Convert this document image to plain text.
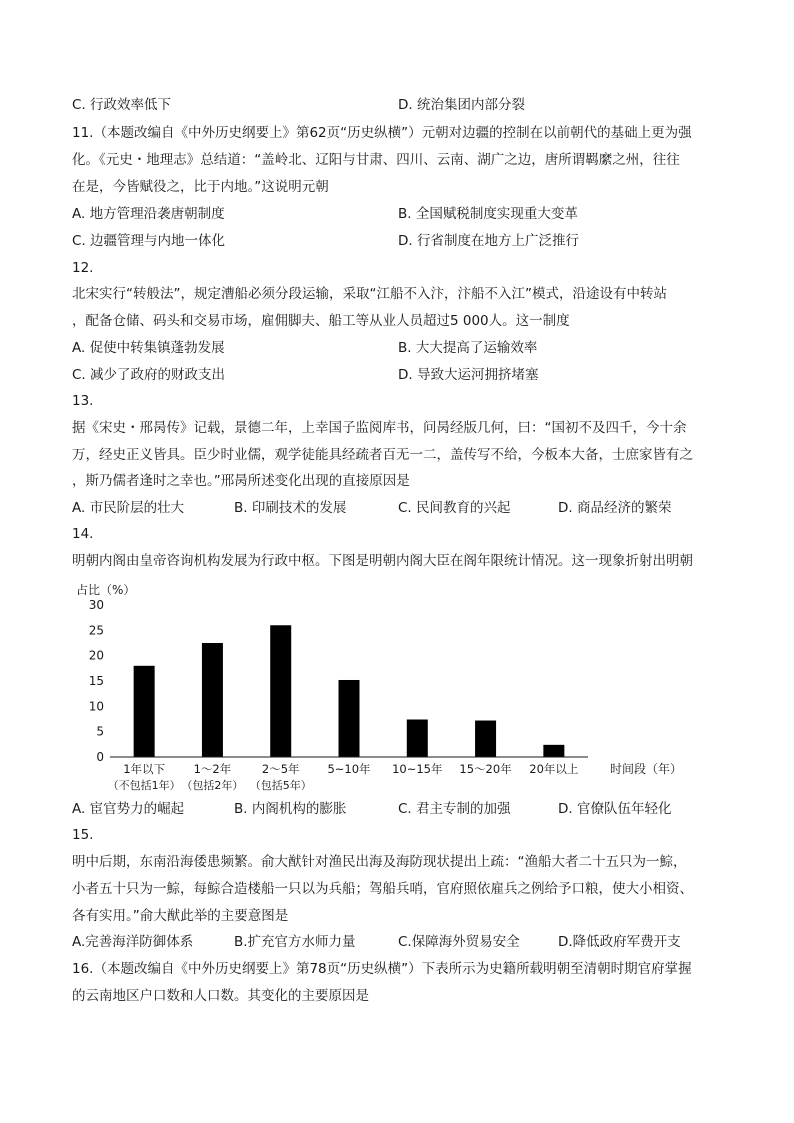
C. 行政效率低下	D. 统治集团内部分裂
11.（本题改编自《中外历史纲要上》第62页“历史纵横”）元朝对边疆的控制在以前朝代的基础上更为强
化。《元史・地理志》总结道：“盖岭北、辽阳与甘肃、四川、云南、湖广之边，唐所谓羁縻之州，往往
在是，今皆赋役之，比于内地。”这说明元朝
A. 地方管理沿袭唐朝制度	B. 全国赋税制度实现重大变革
C. 边疆管理与内地一体化	D. 行省制度在地方上广泛推行
12.
北宋实行“转般法”，规定漕船必须分段运输，采取“江船不入汴，汴船不入江”模式，沿途设有中转站
，配备仓储、码头和交易市场，雇佣脚夫、船工等从业人员超过5 000人。这一制度
A. 促使中转集镇蓬勃发展	B. 大大提高了运输效率
C. 减少了政府的财政支出	D. 导致大运河拥挤堵塞
13.
据《宋史・邢昺传》记载，景德二年，上幸国子监阅库书，问昺经版几何，曰：“国初不及四千，今十余
万，经史正义皆具。臣少时业儒，观学徒能具经疏者百无一二，盖传写不给，今板本大备，士庶家皆有之
，斯乃儒者逢时之幸也。”邢昺所述变化出现的直接原因是
A. 市民阶层的壮大	B. 印刷技术的发展	C. 民间教育的兴起	D. 商品经济的繁荣
14.
明朝内阁由皇帝咨询机构发展为行政中枢。下图是明朝内阁大臣在阁年限统计情况。这一现象折射出明朝
占比（%）
0
5
10
15
20
25
30
1年以下
（不包括1年）
1～2年
（包括2年）
2～5年
（包括5年）
5~10年 10~15年 15～20年 20年以上	时间段（年）
A. 宦官势力的崛起	B. 内阁机构的膨胀	C. 君主专制的加强	D. 官僚队伍年轻化
15.
明中后期，东南沿海倭患频繁。俞大猷针对渔民出海及海防现状提出上疏：“渔船大者二十五只为一鯮，
小者五十只为一鯮，每鯮合造楼船一只以为兵船；驾船兵哨，官府照依雇兵之例给予口粮，使大小相资、
各有实用。”俞大猷此举的主要意图是
A.完善海洋防御体系	B.扩充官方水师力量	C.保障海外贸易安全	D.降低政府军费开支
16.（本题改编自《中外历史纲要上》第78页“历史纵横”）下表所示为史籍所载明朝至清朝时期官府掌握
的云南地区户口数和人口数。其变化的主要原因是
